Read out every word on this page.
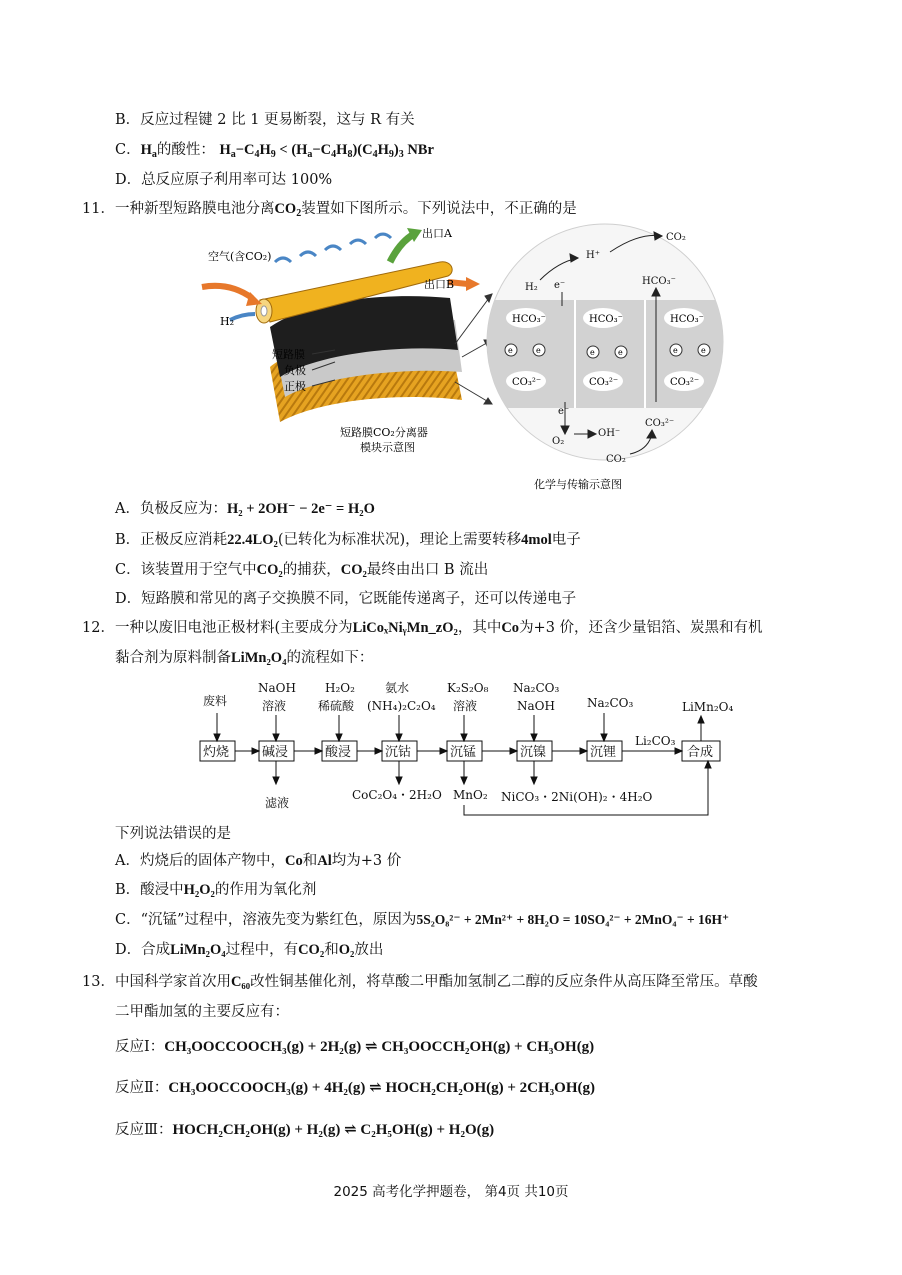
B．反应过程键 2 比 1 更易断裂，这与 R 有关
C．$H_a$的酸性： $H_a-C_4H_9 < (H_a-C_4H_8)(C_4H_9)_3$ NBr
D．总反应原子利用率可达 100%
11．一种新型短路膜电池分离$CO_2$装置如下图所示。下列说法中，不正确的是
空气(含CO₂)
出口A
出口B
H₂
短路膜
负极
正极
短路膜CO₂分离器
模块示意图
HCO₃⁻	HCO₃⁻	HCO₃⁻
CO₃²⁻	CO₃²⁻	CO₃²⁻
e	e	e	e	e	e
H₂ e⁻
H⁺
CO₂
HCO₃⁻
e⁻
O₂
OH⁻
CO₃²⁻
CO₂
化学与传输示意图
A．负极反应为：H₂ + 2OH⁻ − 2e⁻ = H₂O
B．正极反应消耗22.4LO₂(已转化为标准状况)，理论上需要转移4mol电子
C．该装置用于空气中CO₂的捕获，CO₂最终由出口 B 流出
D．短路膜和常见的离子交换膜不同，它既能传递离子，还可以传递电子
12．一种以废旧电池正极材料(主要成分为LiCoₓNiᵧMn_zO₂，其中Co为+3 价，还含少量铝箔、炭黑和有机
黏合剂为原料制备LiMn₂O₄的流程如下：
废料
NaOH
溶液
H₂O₂
稀硫酸
氨水
(NH₄)₂C₂O₄
K₂S₂O₈
溶液
Na₂CO₃
NaOH	Na₂CO₃	LiMn₂O₄
Li₂CO₃
滤液
CoC₂O₄・2H₂O MnO₂ NiCO₃・2Ni(OH)₂・4H₂O
灼烧	碱浸	酸浸	沉钴	沉锰	沉镍	沉锂	合成
下列说法错误的是
A．灼烧后的固体产物中，Co和Al均为+3 价
B．酸浸中H₂O₂的作用为氧化剂
C．“沉锰”过程中，溶液先变为紫红色，原因为5S₂O₈²⁻ + 2Mn²⁺ + 8H₂O = 10SO₄²⁻ + 2MnO₄⁻ + 16H⁺
D．合成LiMn₂O₄过程中，有CO₂和O₂放出
13．中国科学家首次用C₆₀改性铜基催化剂，将草酸二甲酯加氢制乙二醇的反应条件从高压降至常压。草酸
二甲酯加氢的主要反应有：
反应Ⅰ：CH₃OOCCOOCH₃(g) + 2H₂(g) ⇌ CH₃OOCCH₂OH(g) + CH₃OH(g)
反应Ⅱ：CH₃OOCCOOCH₃(g) + 4H₂(g) ⇌ HOCH₂CH₂OH(g) + 2CH₃OH(g)
反应Ⅲ：HOCH₂CH₂OH(g) + H₂(g) ⇌ C₂H₅OH(g) + H₂O(g)
2025 高考化学押题卷， 第4页 共10页
